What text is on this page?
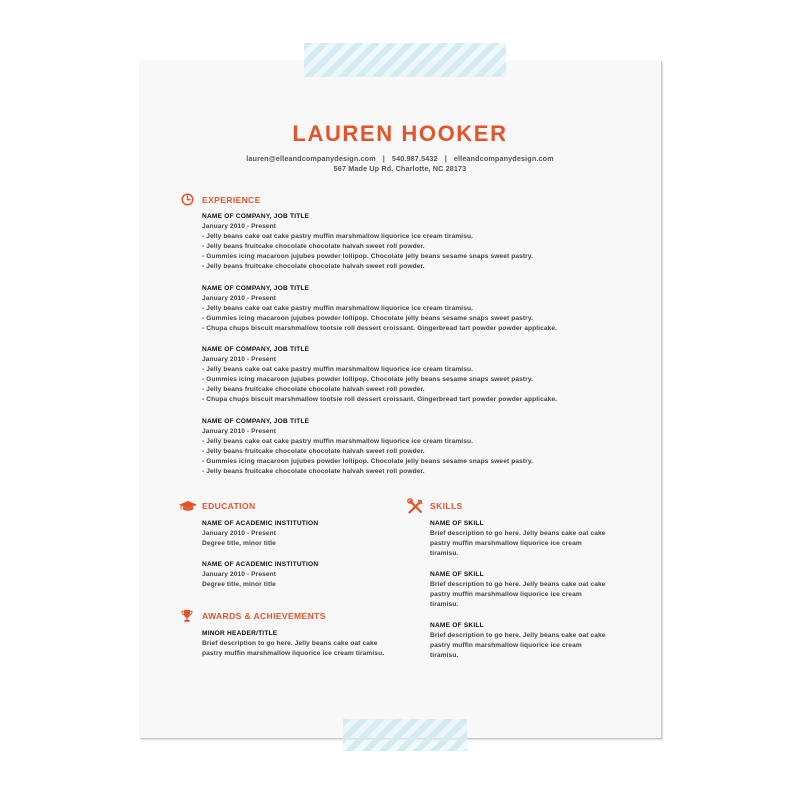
LAUREN HOOKER
lauren@elleandcompanydesign.com | 540.987.5432 | elleandcompanydesign.com
567 Made Up Rd. Charlotte, NC 28173
EXPERIENCE
NAME OF COMPANY, JOB TITLE
January 2010 - Present
- Jelly beans cake oat cake pastry muffin marshmallow liquorice ice cream tiramisu.
- Jelly beans fruitcake chocolate chocolate halvah sweet roll powder.
- Gummies icing macaroon jujubes powder lollipop. Chocolate jelly beans sesame snaps sweet pastry.
- Jelly beans fruitcake chocolate chocolate halvah sweet roll powder.
NAME OF COMPANY, JOB TITLE
January 2010 - Present
- Jelly beans cake oat cake pastry muffin marshmallow liquorice ice cream tiramisu.
- Gummies icing macaroon jujubes powder lollipop. Chocolate jelly beans sesame snaps sweet pastry.
- Chupa chups biscuit marshmallow tootsie roll dessert croissant. Gingerbread tart powder powder applicake.
NAME OF COMPANY, JOB TITLE
January 2010 - Present
- Jelly beans cake oat cake pastry muffin marshmallow liquorice ice cream tiramisu.
- Gummies icing macaroon jujubes powder lollipop. Chocolate jelly beans sesame snaps sweet pastry.
- Jelly beans fruitcake chocolate chocolate halvah sweet roll powder.
- Chupa chups biscuit marshmallow tootsie roll dessert croissant. Gingerbread tart powder powder applicake.
NAME OF COMPANY, JOB TITLE
January 2010 - Present
- Jelly beans cake oat cake pastry muffin marshmallow liquorice ice cream tiramisu.
- Jelly beans fruitcake chocolate chocolate halvah sweet roll powder.
- Gummies icing macaroon jujubes powder lollipop. Chocolate jelly beans sesame snaps sweet pastry.
- Jelly beans fruitcake chocolate chocolate halvah sweet roll powder.
EDUCATION
NAME OF ACADEMIC INSTITUTION
January 2010 - Present
Degree title, minor title
NAME OF ACADEMIC INSTITUTION
January 2010 - Present
Degree title, minor title
AWARDS & ACHIEVEMENTS
MINOR HEADER/TITLE
Brief description to go here. Jelly beans cake oat cake pastry muffin marshmallow liquorice ice cream tiramisu.
SKILLS
NAME OF SKILL
Brief description to go here. Jelly beans cake oat cake pastry muffin marshmallow liquorice ice cream tiramisu.
NAME OF SKILL
Brief description to go here. Jelly beans cake oat cake pastry muffin marshmallow liquorice ice cream tiramisu.
NAME OF SKILL
Brief description to go here. Jelly beans cake oat cake pastry muffin marshmallow liquorice ice cream tiramisu.
